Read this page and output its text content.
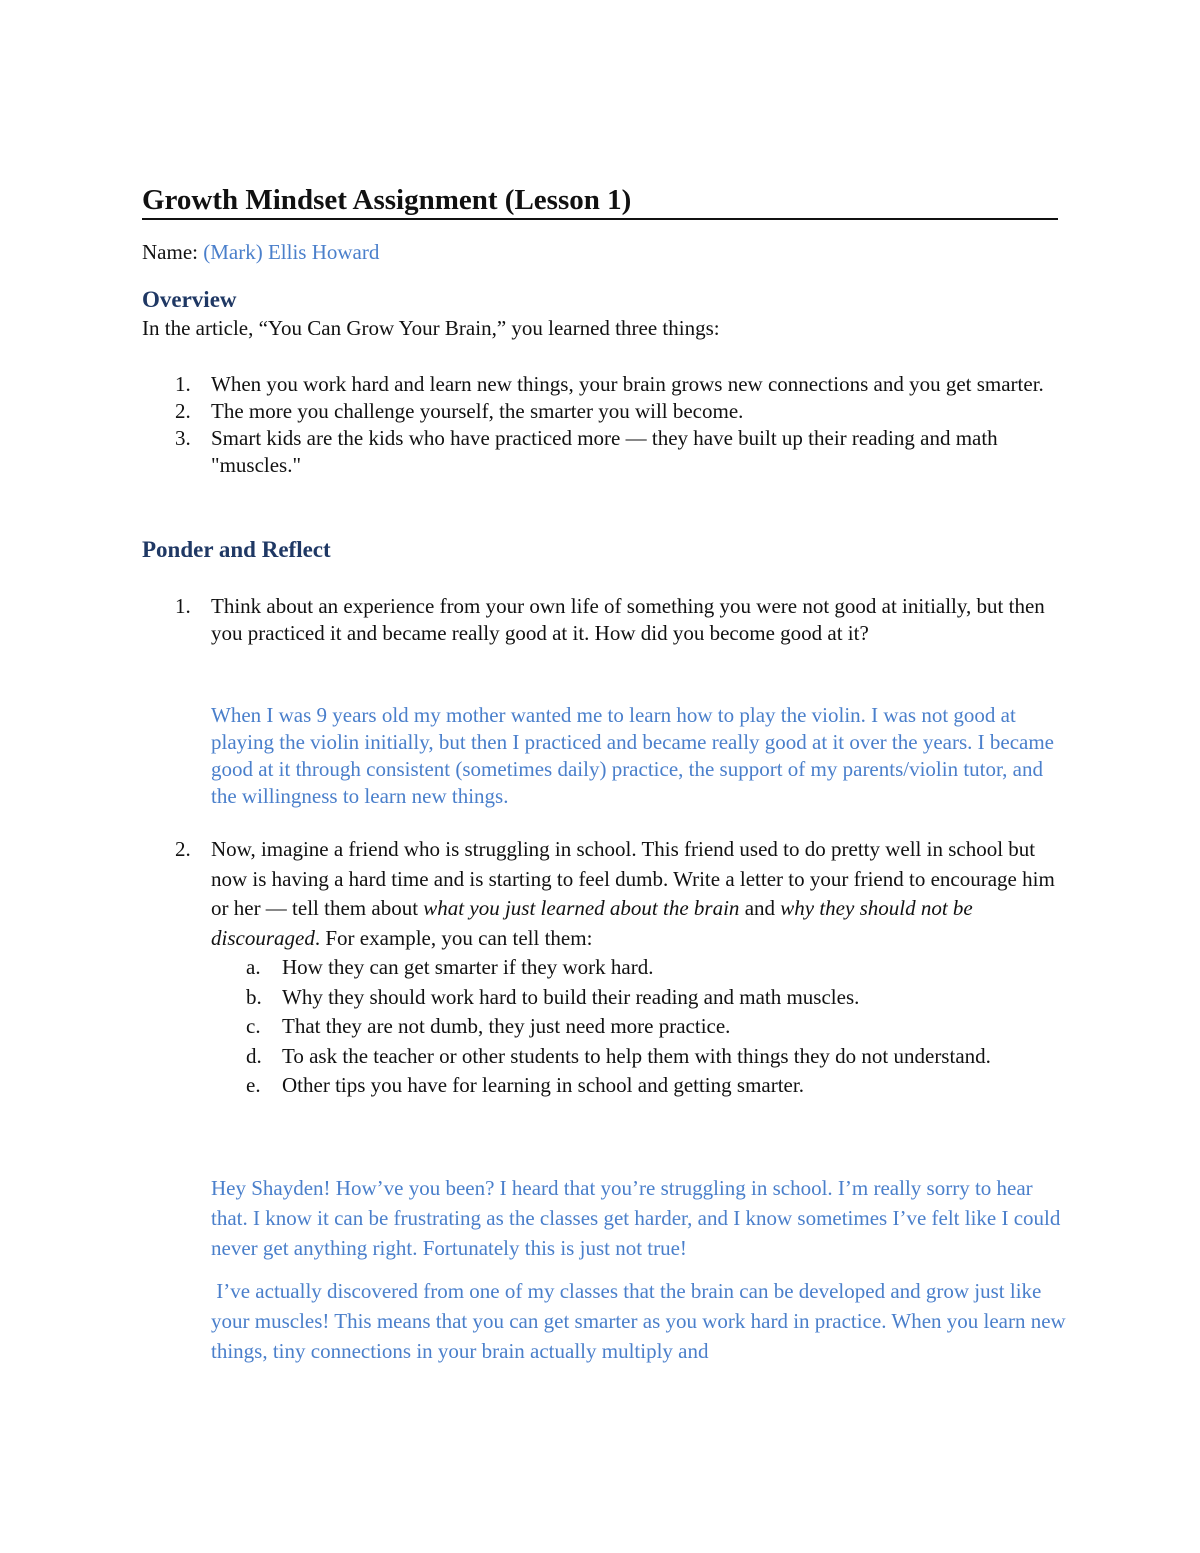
Growth Mindset Assignment (Lesson 1)
Name: (Mark) Ellis Howard
Overview
In the article, “You Can Grow Your Brain,” you learned three things:
1. When you work hard and learn new things, your brain grows new connections and you get smarter.
2. The more you challenge yourself, the smarter you will become.
3. Smart kids are the kids who have practiced more — they have built up their reading and math "muscles."
Ponder and Reflect
1. Think about an experience from your own life of something you were not good at initially, but then you practiced it and became really good at it. How did you become good at it?

When I was 9 years old my mother wanted me to learn how to play the violin. I was not good at playing the violin initially, but then I practiced and became really good at it over the years. I became good at it through consistent (sometimes daily) practice, the support of my parents/violin tutor, and the willingness to learn new things.

2. Now, imagine a friend who is struggling in school. This friend used to do pretty well in school but now is having a hard time and is starting to feel dumb. Write a letter to your friend to encourage him or her — tell them about what you just learned about the brain and why they should not be discouraged. For example, you can tell them:
a.	How they can get smarter if they work hard.
b. Why they should work hard to build their reading and math muscles.
c.	That they are not dumb, they just need more practice.
d. To ask the teacher or other students to help them with things they do not understand.
e.	Other tips you have for learning in school and getting smarter.

Hey Shayden! How’ve you been? I heard that you’re struggling in school. I’m really sorry to hear that. I know it can be frustrating as the classes get harder, and I know sometimes I’ve felt like I could never get anything right. Fortunately this is just not true!

I’ve actually discovered from one of my classes that the brain can be developed and grow just like your muscles! This means that you can get smarter as you work hard in practice. When you learn new things, tiny connections in your brain actually multiply and
